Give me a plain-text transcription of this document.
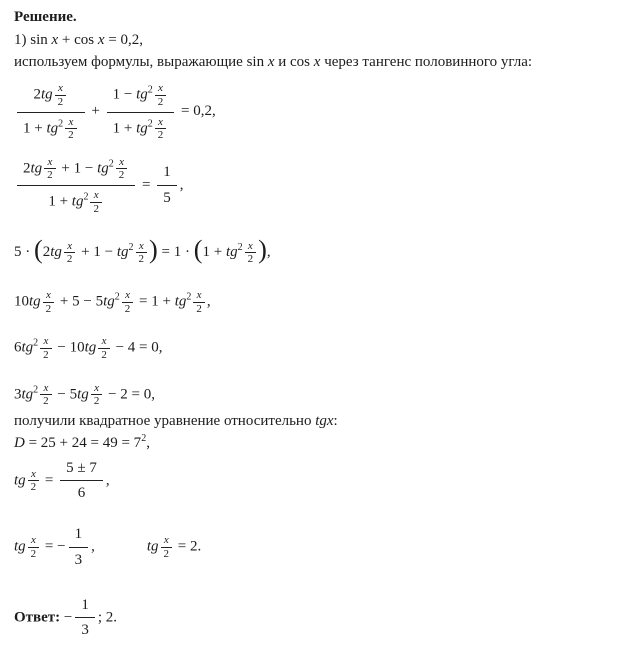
Решение.
1) sin x + cos x = 0,2,
используем формулы, выражающие sin x и cos x через тангенс половинного угла:
$\frac{2tg \frac{x}{2}}{1 + tg^2 \frac{x}{2}} + \frac{1 - tg^2 \frac{x}{2}}{1 + tg^2 \frac{x}{2}} = 0,2$,
$\frac{2tg \frac{x}{2} + 1 - tg^2 \frac{x}{2}}{1 + tg^2 \frac{x}{2}} = \frac{1}{5}$ ,
$5 \cdot (2tg \frac{x}{2} + 1 - tg^2 \frac{x}{2}$ ) = $1 \cdot (1 + tg^2 \frac{x}{2}$ ),
$10tg \frac{x}{2} + 5 - 5tg^2 \frac{x}{2} = 1 + tg^2 \frac{x}{2}$ ,
$6tg^2 \frac{x}{2} - 10tg \frac{x}{2} - 4 = 0$,
$3tg^2 \frac{x}{2} - 5tg \frac{x}{2} - 2 = 0$,
получили квадратное уравнение относительно tgx:
$D = 25 + 24 = 49 = 7^2$,
tg $\frac{x}{2} = \frac{5 \pm 7}{6}$ ,
tg $\frac{x}{2}$ = − $\frac{1}{3}$ ,	tg $\frac{x}{2} = 2$.
Ответ: − $\frac{1}{3}$ ; 2.
